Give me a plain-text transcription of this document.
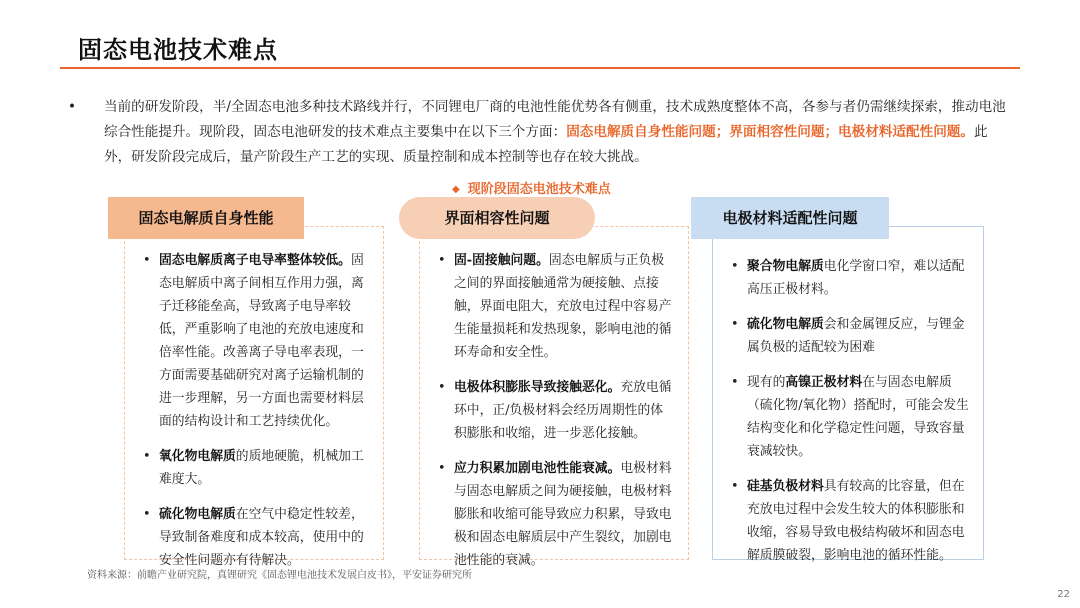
固态电池技术难点
• 当前的研发阶段，半/全固态电池多种技术路线并行，不同锂电厂商的电池性能优势各有侧重，技术成熟度整体不高，各参与者仍需继续探索，推动电池综合性能提升。现阶段，固态电池研发的技术难点主要集中在以下三个方面：固态电解质自身性能问题；界面相容性问题；电极材料适配性问题。此外，研发阶段完成后，量产阶段生产工艺的实现、质量控制和成本控制等也存在较大挑战。
◆ 现阶段固态电池技术难点
固态电解质自身性能
• 固态电解质离子电导率整体较低。固态电解质中离子间相互作用力强，离子迁移能垒高，导致离子电导率较低，严重影响了电池的充放电速度和倍率性能。改善离子导电率表现，一方面需要基础研究对离子运输机制的进一步理解，另一方面也需要材料层面的结构设计和工艺持续优化。
• 氧化物电解质的质地硬脆，机械加工难度大。
• 硫化物电解质在空气中稳定性较差，导致制备难度和成本较高，使用中的安全性问题亦有待解决。
界面相容性问题
• 固-固接触问题。固态电解质与正负极之间的界面接触通常为硬接触、点接触，界面电阻大，充放电过程中容易产生能量损耗和发热现象，影响电池的循环寿命和安全性。
• 电极体积膨胀导致接触恶化。充放电循环中，正/负极材料会经历周期性的体积膨胀和收缩，进一步恶化接触。
• 应力积累加剧电池性能衰减。电极材料与固态电解质之间为硬接触，电极材料膨胀和收缩可能导致应力积累，导致电极和固态电解质层中产生裂纹，加剧电池性能的衰减。
电极材料适配性问题
• 聚合物电解质电化学窗口窄，难以适配高压正极材料。
• 硫化物电解质会和金属锂反应，与锂金属负极的适配较为困难
• 现有的高镍正极材料在与固态电解质（硫化物/氧化物）搭配时，可能会发生结构变化和化学稳定性问题，导致容量衰减较快。
• 硅基负极材料具有较高的比容量，但在充放电过程中会发生较大的体积膨胀和收缩，容易导致电极结构破坏和固态电解质膜破裂，影响电池的循环性能。
资料来源：前瞻产业研究院，真锂研究《固态锂电池技术发展白皮书》，平安证券研究所
22
